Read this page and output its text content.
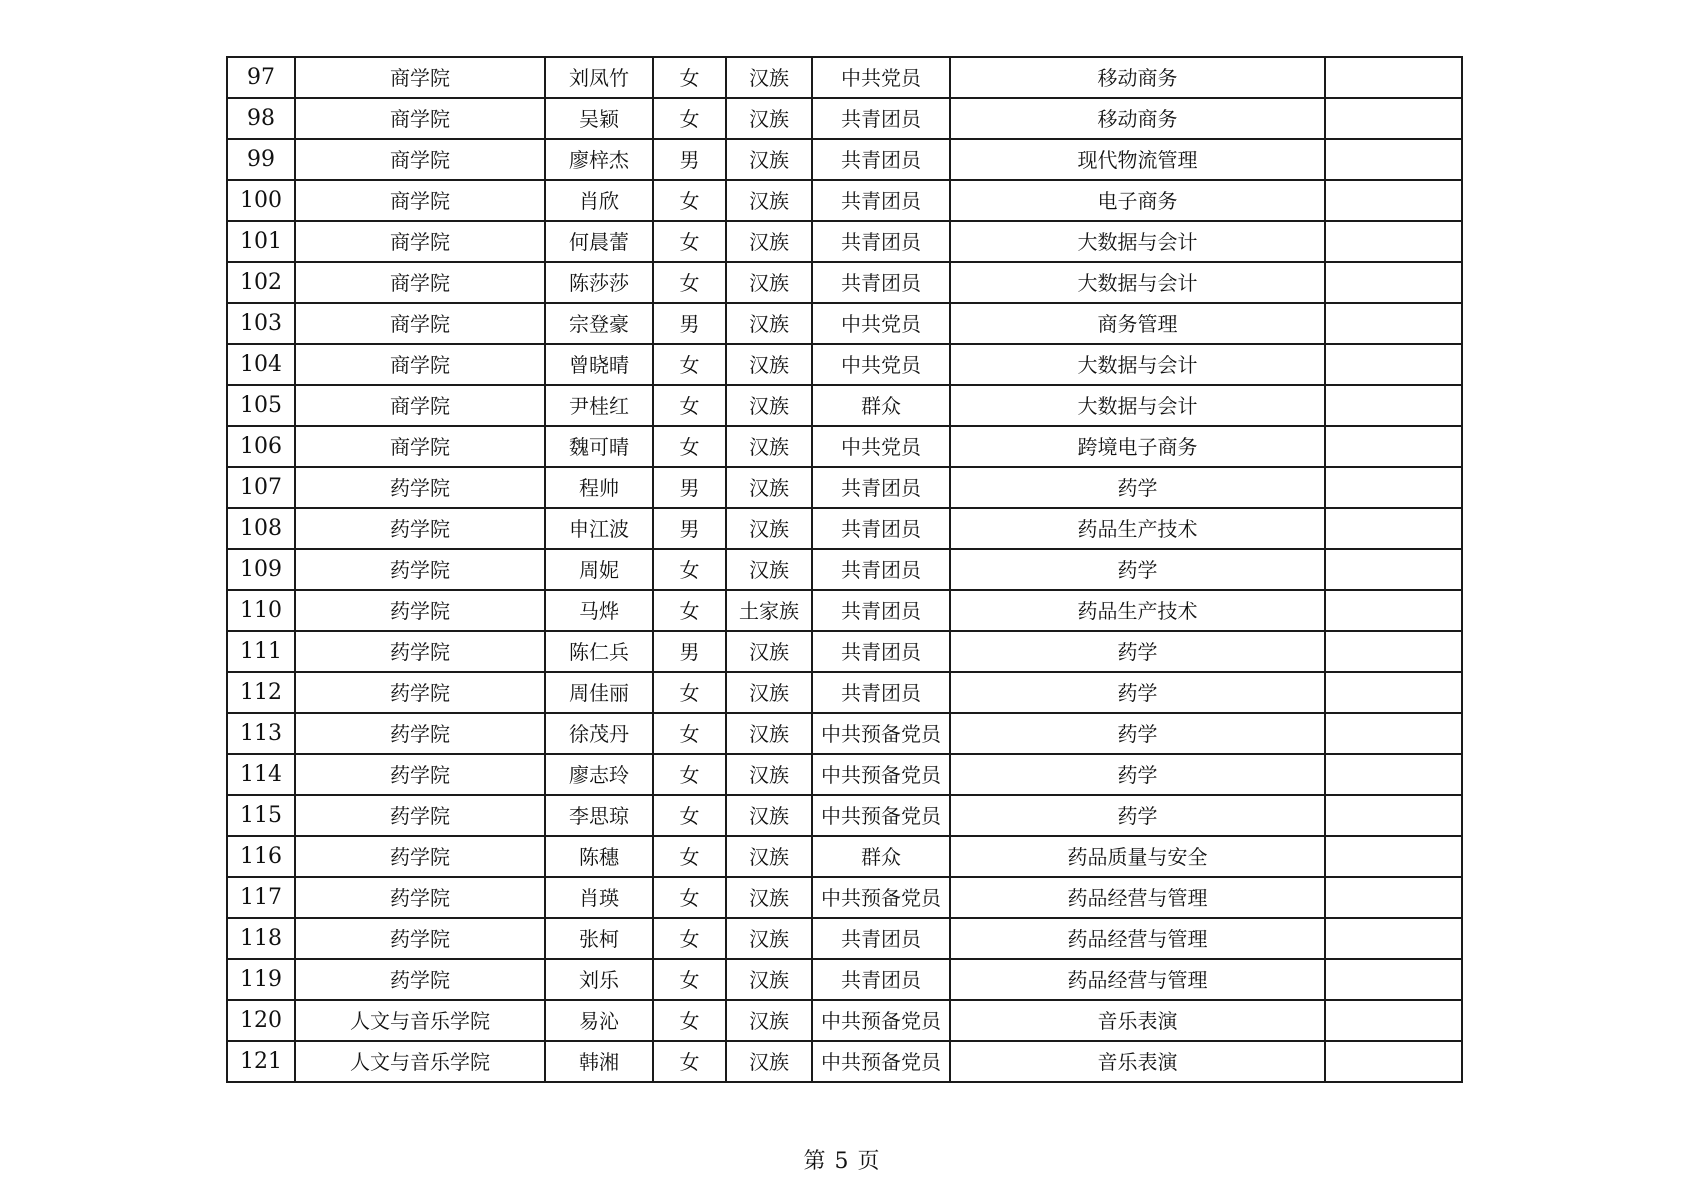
97	商学院	刘凤竹	女	汉族	中共党员	移动商务	
98	商学院	吴颖	女	汉族	共青团员	移动商务	
99	商学院	廖梓杰	男	汉族	共青团员	现代物流管理	
100	商学院	肖欣	女	汉族	共青团员	电子商务	
101	商学院	何晨蕾	女	汉族	共青团员	大数据与会计	
102	商学院	陈莎莎	女	汉族	共青团员	大数据与会计	
103	商学院	宗登豪	男	汉族	中共党员	商务管理	
104	商学院	曾晓晴	女	汉族	中共党员	大数据与会计	
105	商学院	尹桂红	女	汉族	群众	大数据与会计	
106	商学院	魏可晴	女	汉族	中共党员	跨境电子商务	
107	药学院	程帅	男	汉族	共青团员	药学	
108	药学院	申江波	男	汉族	共青团员	药品生产技术	
109	药学院	周妮	女	汉族	共青团员	药学	
110	药学院	马烨	女	土家族	共青团员	药品生产技术	
111	药学院	陈仁兵	男	汉族	共青团员	药学	
112	药学院	周佳丽	女	汉族	共青团员	药学	
113	药学院	徐茂丹	女	汉族	中共预备党员	药学	
114	药学院	廖志玲	女	汉族	中共预备党员	药学	
115	药学院	李思琼	女	汉族	中共预备党员	药学	
116	药学院	陈穗	女	汉族	群众	药品质量与安全	
117	药学院	肖瑛	女	汉族	中共预备党员	药品经营与管理	
118	药学院	张柯	女	汉族	共青团员	药品经营与管理	
119	药学院	刘乐	女	汉族	共青团员	药品经营与管理	
120	人文与音乐学院	易沁	女	汉族	中共预备党员	音乐表演	
121	人文与音乐学院	韩湘	女	汉族	中共预备党员	音乐表演	
第 5 页
